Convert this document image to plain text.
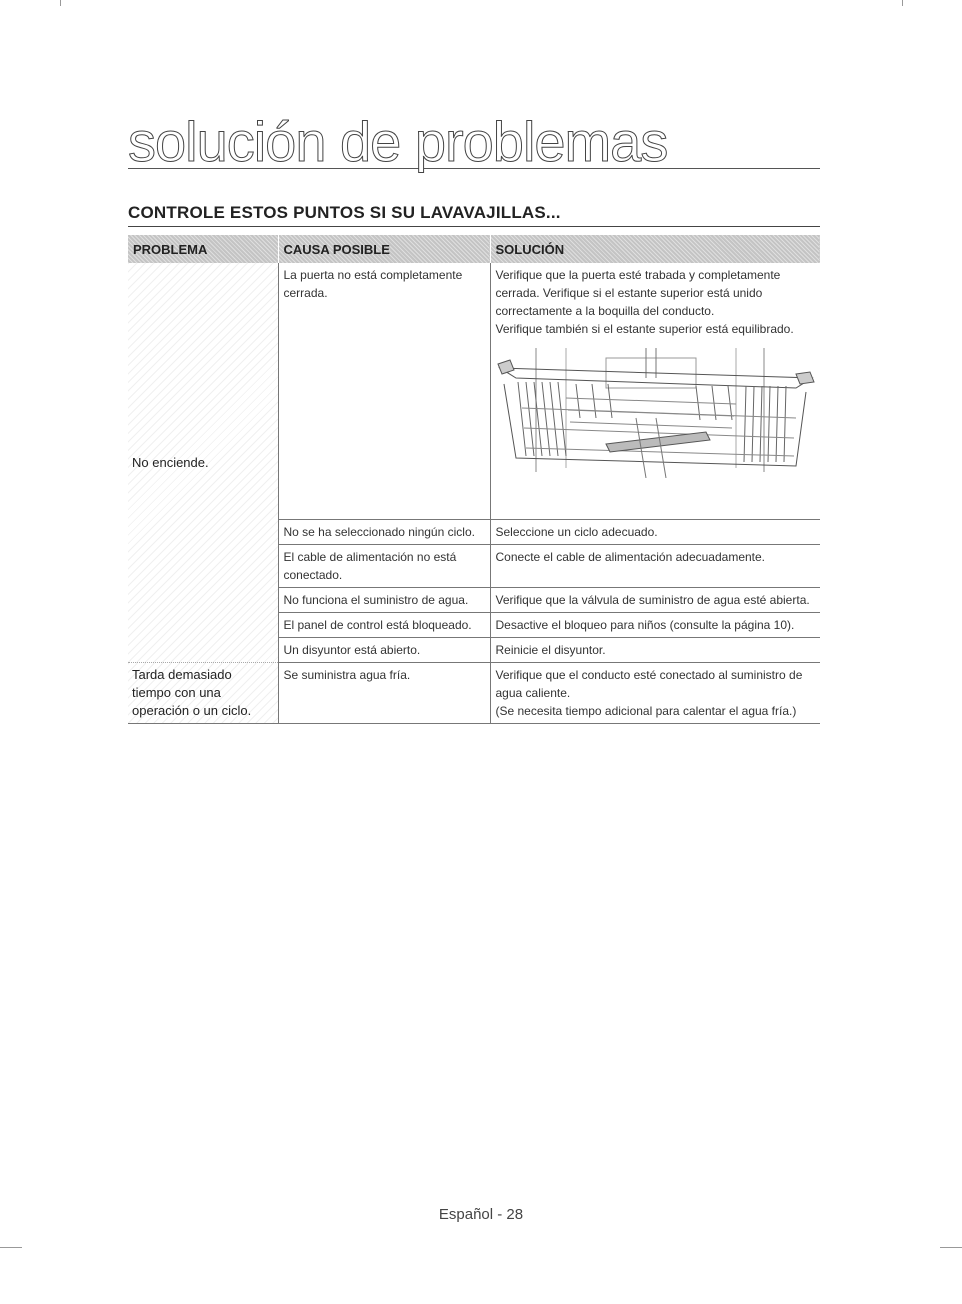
solución de problemas
CONTROLE ESTOS PUNTOS SI SU LAVAVAJILLAS...
PROBLEMA	CAUSA POSIBLE	SOLUCIÓN
No enciende.	La puerta no está completamente cerrada.	Verifique que la puerta esté trabada y completamente cerrada. Verifique si el estante superior está unido correctamente a la boquilla del conducto.

Verifique también si el estante superior está equilibrado.

	No se ha seleccionado ningún ciclo.	Seleccione un ciclo adecuado.
	El cable de alimentación no está conectado.	Conecte el cable de alimentación adecuadamente.
	No funciona el suministro de agua.	Verifique que la válvula de suministro de agua esté abierta.
	El panel de control está bloqueado.	Desactive el bloqueo para niños (consulte la página 10).
	Un disyuntor está abierto.	Reinicie el disyuntor.
Tarda demasiado tiempo con una operación o un ciclo.	Se suministra agua fría.	Verifique que el conducto esté conectado al suministro de agua caliente.

(Se necesita tiempo adicional para calentar el agua fría.)

Español - 28
